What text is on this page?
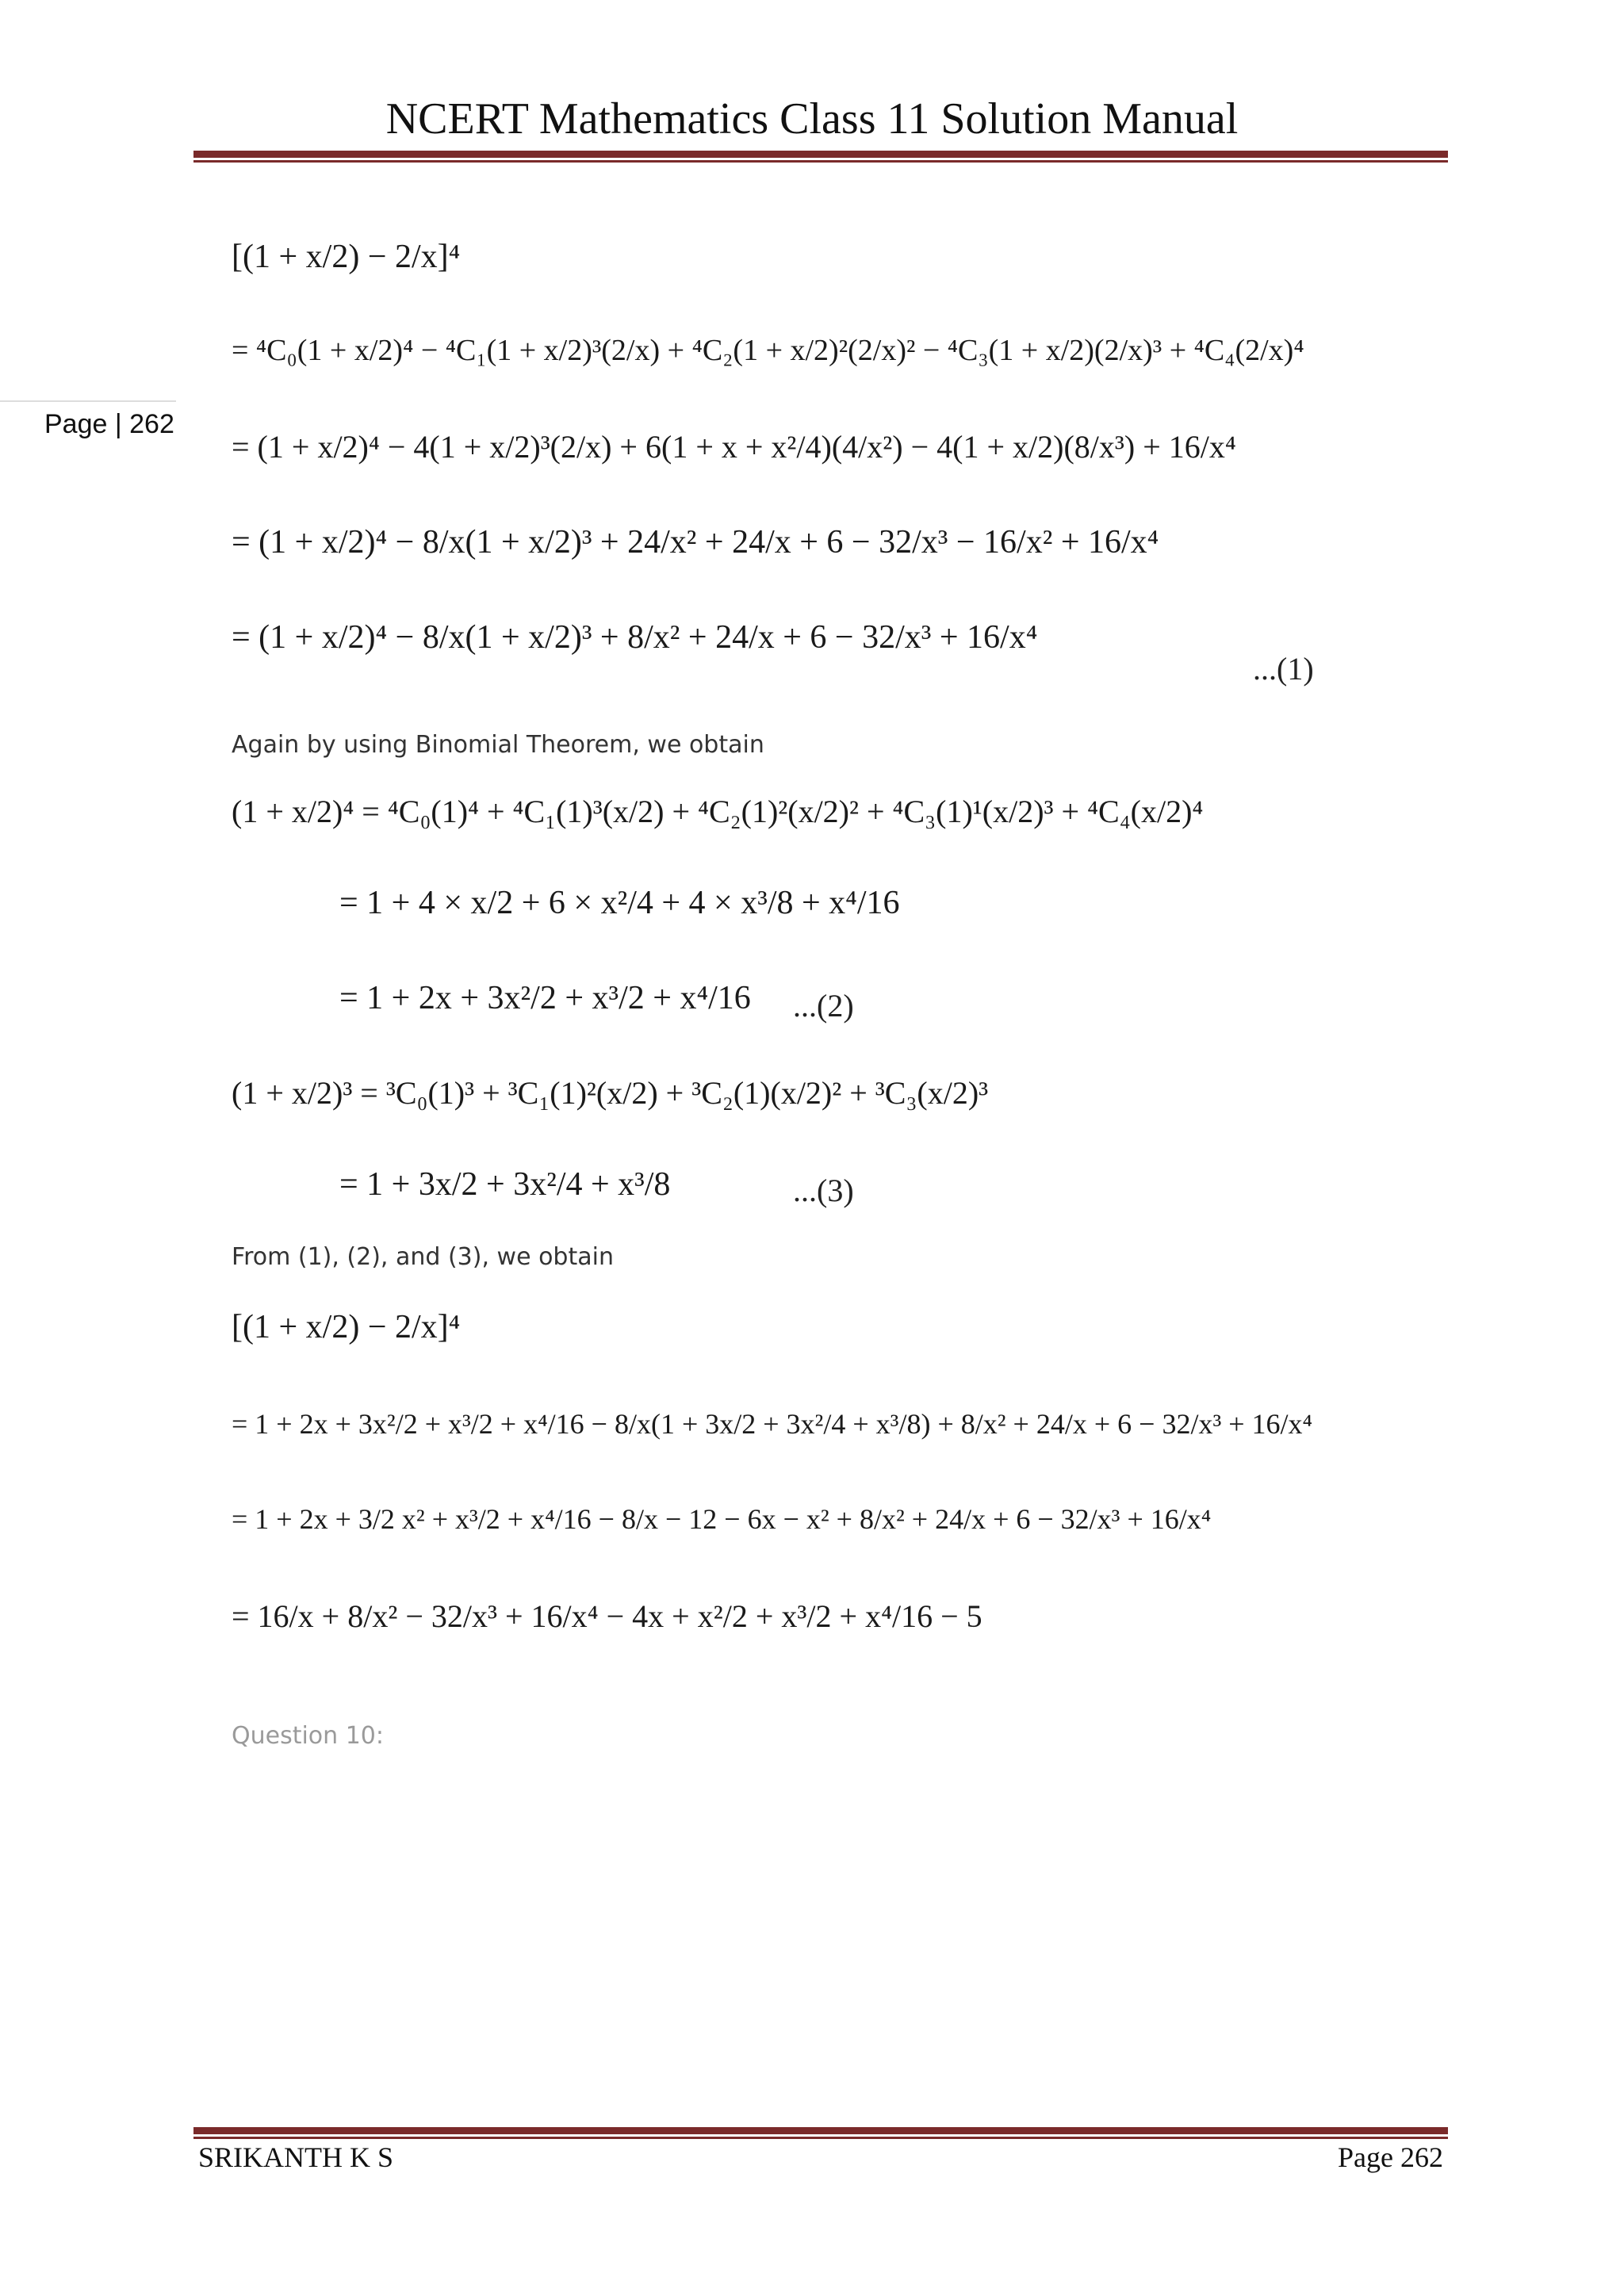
NCERT Mathematics Class 11 Solution Manual
Page | 262
[(1 + x/2) − 2/x]⁴
= ⁴C₀(1 + x/2)⁴ − ⁴C₁(1 + x/2)³(2/x) + ⁴C₂(1 + x/2)²(2/x)² − ⁴C₃(1 + x/2)(2/x)³ + ⁴C₄(2/x)⁴
= (1 + x/2)⁴ − 4(1 + x/2)³(2/x) + 6(1 + x + x²/4)(4/x²) − 4(1 + x/2)(8/x³) + 16/x⁴
= (1 + x/2)⁴ − 8/x(1 + x/2)³ + 24/x² + 24/x + 6 − 32/x³ − 16/x² + 16/x⁴
= (1 + x/2)⁴ − 8/x(1 + x/2)³ + 8/x² + 24/x + 6 − 32/x³ + 16/x⁴
...(1)
Again by using Binomial Theorem, we obtain
(1 + x/2)⁴ = ⁴C₀(1)⁴ + ⁴C₁(1)³(x/2) + ⁴C₂(1)²(x/2)² + ⁴C₃(1)¹(x/2)³ + ⁴C₄(x/2)⁴
= 1 + 4 × x/2 + 6 × x²/4 + 4 × x³/8 + x⁴/16
= 1 + 2x + 3x²/2 + x³/2 + x⁴/16 ...(2)
(1 + x/2)³ = ³C₀(1)³ + ³C₁(1)²(x/2) + ³C₂(1)(x/2)² + ³C₃(x/2)³
= 1 + 3x/2 + 3x²/4 + x³/8	...(3)
From (1), (2), and (3), we obtain
[(1 + x/2) − 2/x]⁴
= 1 + 2x + 3x²/2 + x³/2 + x⁴/16 − 8/x(1 + 3x/2 + 3x²/4 + x³/8) + 8/x² + 24/x + 6 − 32/x³ + 16/x⁴
= 1 + 2x + 3/2 x² + x³/2 + x⁴/16 − 8/x − 12 − 6x − x² + 8/x² + 24/x + 6 − 32/x³ + 16/x⁴
= 16/x + 8/x² − 32/x³ + 16/x⁴ − 4x + x²/2 + x³/2 + x⁴/16 − 5
Question 10:
SRIKANTH K S	Page 262
